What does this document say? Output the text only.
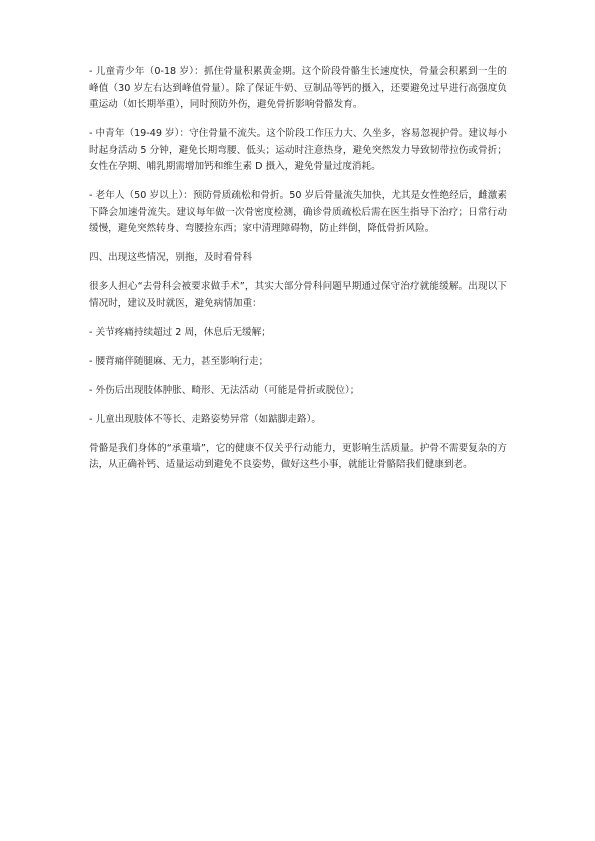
- 儿童青少年（0-18 岁）：抓住骨量积累黄金期。这个阶段骨骼生长速度快，骨量会积累到一生的峰值（30 岁左右达到峰值骨量）。除了保证牛奶、豆制品等钙的摄入，还要避免过早进行高强度负重运动（如长期举重），同时预防外伤，避免骨折影响骨骼发育。

- 中青年（19-49 岁）：守住骨量不流失。这个阶段工作压力大、久坐多，容易忽视护骨。建议每小时起身活动 5 分钟，避免长期弯腰、低头；运动时注意热身，避免突然发力导致韧带拉伤或骨折；女性在孕期、哺乳期需增加钙和维生素 D 摄入，避免骨量过度消耗。

- 老年人（50 岁以上）：预防骨质疏松和骨折。50 岁后骨量流失加快，尤其是女性绝经后，雌激素下降会加速骨流失。建议每年做一次骨密度检测，确诊骨质疏松后需在医生指导下治疗；日常行动缓慢，避免突然转身、弯腰捡东西；家中清理障碍物，防止绊倒，降低骨折风险。

四、出现这些情况，别拖，及时看骨科

很多人担心“去骨科会被要求做手术”，其实大部分骨科问题早期通过保守治疗就能缓解。出现以下情况时，建议及时就医，避免病情加重：

- 关节疼痛持续超过 2 周，休息后无缓解；

- 腰背痛伴随腿麻、无力，甚至影响行走；

- 外伤后出现肢体肿胀、畸形、无法活动（可能是骨折或脱位）；

- 儿童出现肢体不等长、走路姿势异常（如踮脚走路）。

骨骼是我们身体的“承重墙”，它的健康不仅关乎行动能力，更影响生活质量。护骨不需要复杂的方法，从正确补钙、适量运动到避免不良姿势，做好这些小事，就能让骨骼陪我们健康到老。
